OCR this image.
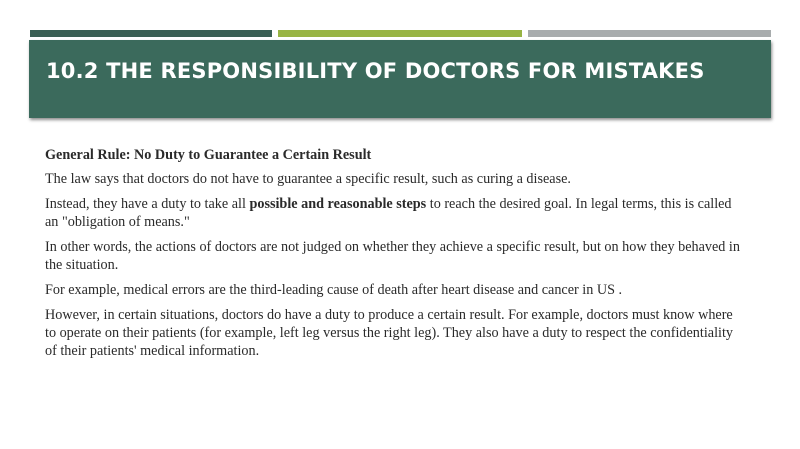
10.2 THE RESPONSIBILITY OF DOCTORS FOR MISTAKES

General Rule: No Duty to Guarantee a Certain Result

The law says that doctors do not have to guarantee a specific result, such as curing a disease.

Instead, they have a duty to take all possible and reasonable steps to reach the desired goal. In legal terms, this is called an "obligation of means."

In other words, the actions of doctors are not judged on whether they achieve a specific result, but on how they behaved in the situation.

For example, medical errors are the third-leading cause of death after heart disease and cancer in US .

However, in certain situations, doctors do have a duty to produce a certain result. For example, doctors must know where to operate on their patients (for example, left leg versus the right leg). They also have a duty to respect the confidentiality of their patients' medical information.
